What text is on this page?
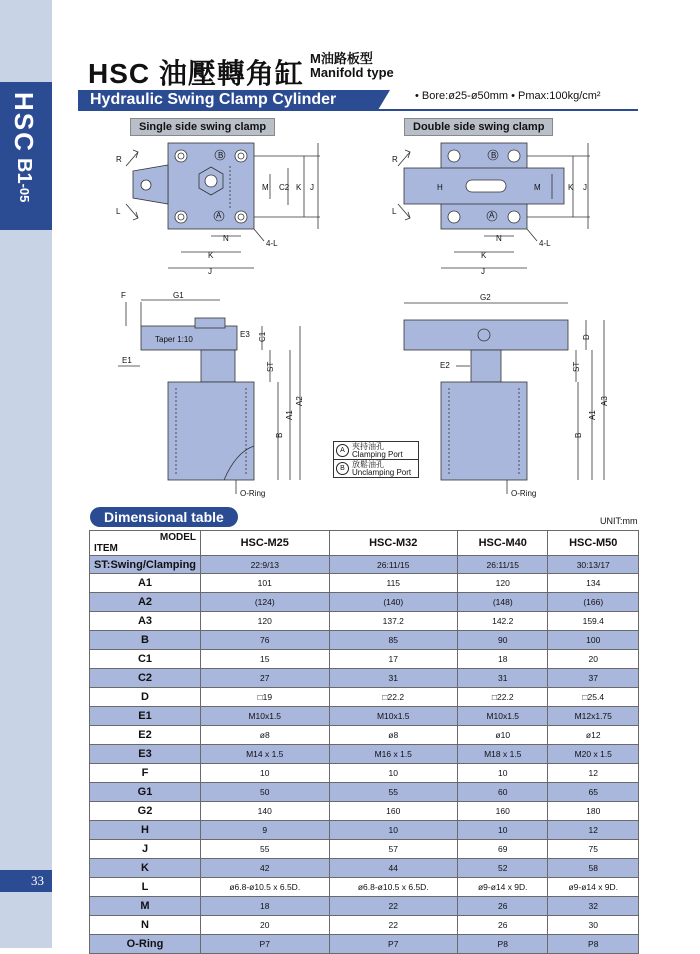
HSC
B1-05
33
HSC 油壓轉角缸 M油路板型
Manifold type
Hydraulic Swing Clamp Cylinder	• Bore:ø25-ø50mm • Pmax:100kg/cm²
Single side swing clamp	Double side swing clamp
R
L
B
A
M C2 K J
N
K
J
4-L
R
L
H
B
A
M	K J
N
K
J
4-L
F	G1
Taper 1:10
E3
E1
C1
ST
B
A1
A2
O-Ring
G2
D
ST
E2
B
A1
A3
O-Ring
A 夾持油孔
Clamping Port
B 放鬆油孔
Unclamping Port
Dimensional table	UNIT:mm
MODEL
ITEM	HSC-M25	HSC-M32	HSC-M40	HSC-M50
ST:Swing/Clamping	22:9/13	26:11/15	26:11/15	30:13/17
A1	101	115	120	134
A2	(124)	(140)	(148)	(166)
A3	120	137.2	142.2	159.4
B	76	85	90	100
C1	15	17	18	20
C2	27	31	31	37
D	□19	□22.2	□22.2	□25.4
E1	M10x1.5	M10x1.5	M10x1.5	M12x1.75
E2	ø8	ø8	ø10	ø12
E3	M14 x 1.5	M16 x 1.5	M18 x 1.5	M20 x 1.5
F	10	10	10	12
G1	50	55	60	65
G2	140	160	160	180
H	9	10	10	12
J	55	57	69	75
K	42	44	52	58
L	ø6.8-ø10.5 x 6.5D.	ø6.8-ø10.5 x 6.5D.	ø9-ø14 x 9D.	ø9-ø14 x 9D.
M	18	22	26	32
N	20	22	26	30
O-Ring	P7	P7	P8	P8
